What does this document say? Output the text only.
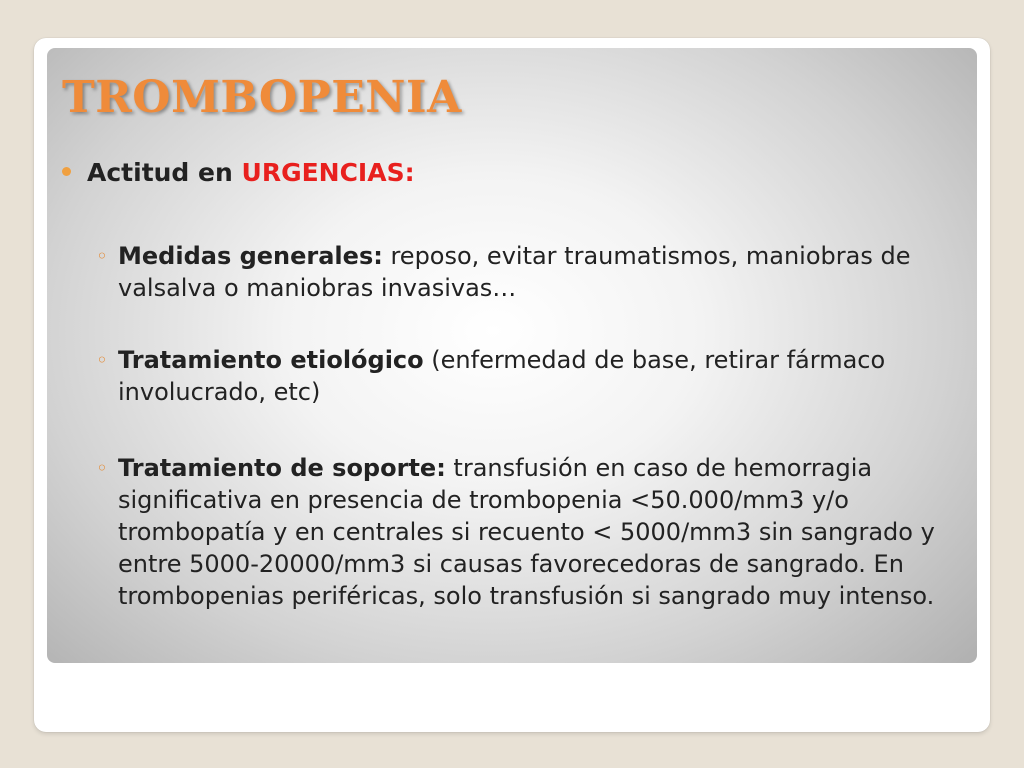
TROMBOPENIA
Actitud en URGENCIAS:
◦ Medidas generales: reposo, evitar traumatismos, maniobras de valsalva o maniobras invasivas…
◦ Tratamiento etiológico (enfermedad de base, retirar fármaco involucrado, etc)
◦ Tratamiento de soporte: transfusión en caso de hemorragia significativa en presencia de trombopenia <50.000/mm3 y/o trombopatía y en centrales si recuento < 5000/mm3 sin sangrado y entre 5000-20000/mm3 si causas favorecedoras de sangrado. En trombopenias periféricas, solo transfusión si sangrado muy intenso.
